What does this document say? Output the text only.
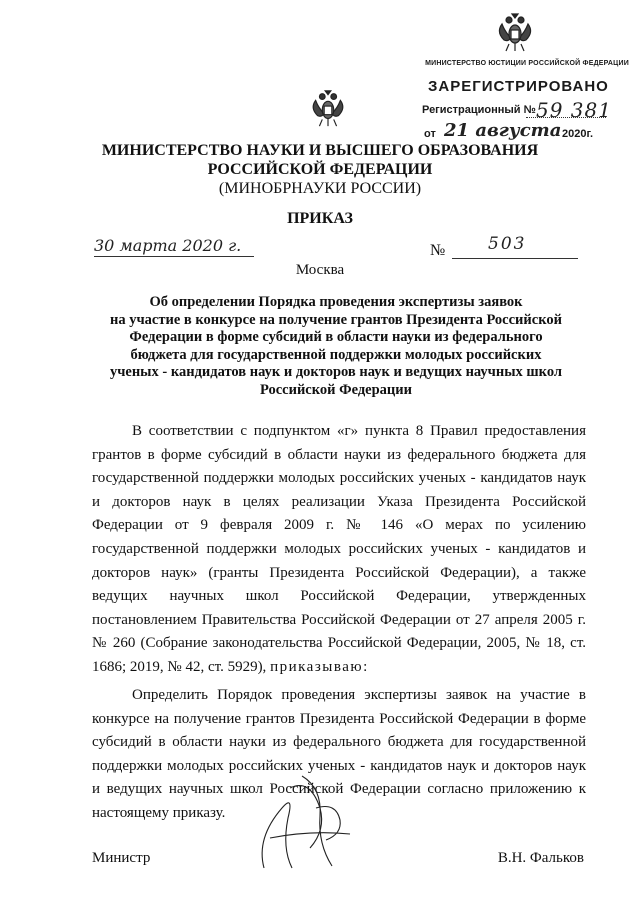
МИНИСТЕРСТВО ЮСТИЦИИ РОССИЙСКОЙ ФЕДЕРАЦИИ
ЗАРЕГИСТРИРОВАНО
Регистрационный № 59 381
от 21 августа 2020г.
МИНИСТЕРСТВО НАУКИ И ВЫСШЕГО ОБРАЗОВАНИЯ
РОССИЙСКОЙ ФЕДЕРАЦИИ
(МИНОБРНАУКИ РОССИИ)
ПРИКАЗ
30 марта 2020 г.	№	503
Москва
Об определении Порядка проведения экспертизы заявок
на участие в конкурсе на получение грантов Президента Российской
Федерации в форме субсидий в области науки из федерального
бюджета для государственной поддержки молодых российских
ученых - кандидатов наук и докторов наук и ведущих научных школ
Российской Федерации
В соответствии с подпунктом «г» пункта 8 Правил предоставления грантов в форме субсидий в области науки из федерального бюджета для государственной поддержки молодых российских ученых - кандидатов наук и докторов наук в целях реализации Указа Президента Российской Федерации от 9 февраля 2009 г. № 146 «О мерах по усилению государственной поддержки молодых российских ученых - кандидатов и докторов наук» (гранты Президента Российской Федерации), а также ведущих научных школ Российской Федерации, утвержденных постановлением Правительства Российской Федерации от 27 апреля 2005 г. № 260 (Собрание законодательства Российской Федерации, 2005, № 18, ст. 1686; 2019, № 42, ст. 5929), приказываю:
Определить Порядок проведения экспертизы заявок на участие в конкурсе на получение грантов Президента Российской Федерации в форме субсидий в области науки из федерального бюджета для государственной поддержки молодых российских ученых - кандидатов наук и докторов наук и ведущих научных школ Российской Федерации согласно приложению к настоящему приказу.
Министр	В.Н. Фальков
